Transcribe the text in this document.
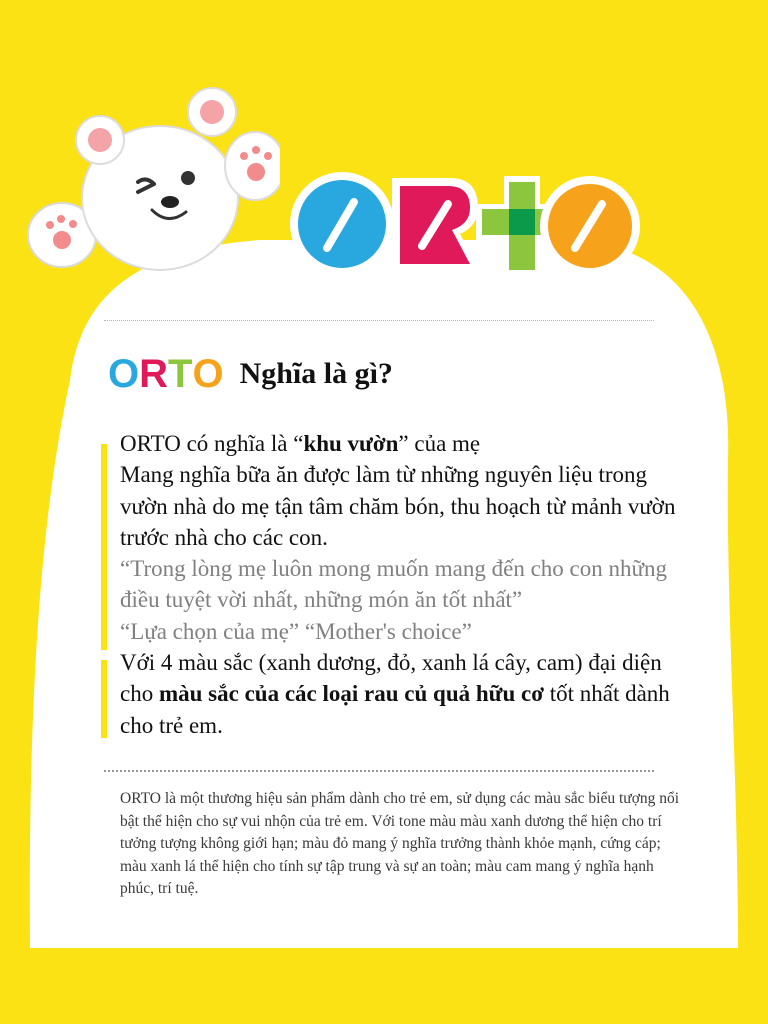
O R T O Nghĩa là gì?

ORTO có nghĩa là “khu vườn” của mẹ

Mang nghĩa bữa ăn được làm từ những nguyên liệu trong vườn nhà do mẹ tận tâm chăm bón, thu hoạch từ mảnh vườn trước nhà cho các con.

“Trong lòng mẹ luôn mong muốn mang đến cho con những điều tuyệt vời nhất, những món ăn tốt nhất”

“Lựa chọn của mẹ” “Mother's choice”

Với 4 màu sắc (xanh dương, đỏ, xanh lá cây, cam) đại diện cho màu sắc của các loại rau củ quả hữu cơ tốt nhất dành cho trẻ em.

ORTO là một thương hiệu sản phẩm dành cho trẻ em, sử dụng các màu sắc biểu tượng nổi bật thể hiện cho sự vui nhộn của trẻ em. Với tone màu màu xanh dương thể hiện cho trí tưởng tượng không giới hạn; màu đỏ mang ý nghĩa trưởng thành khỏe mạnh, cứng cáp; màu xanh lá thể hiện cho tính sự tập trung và sự an toàn; màu cam mang ý nghĩa hạnh phúc, trí tuệ.
